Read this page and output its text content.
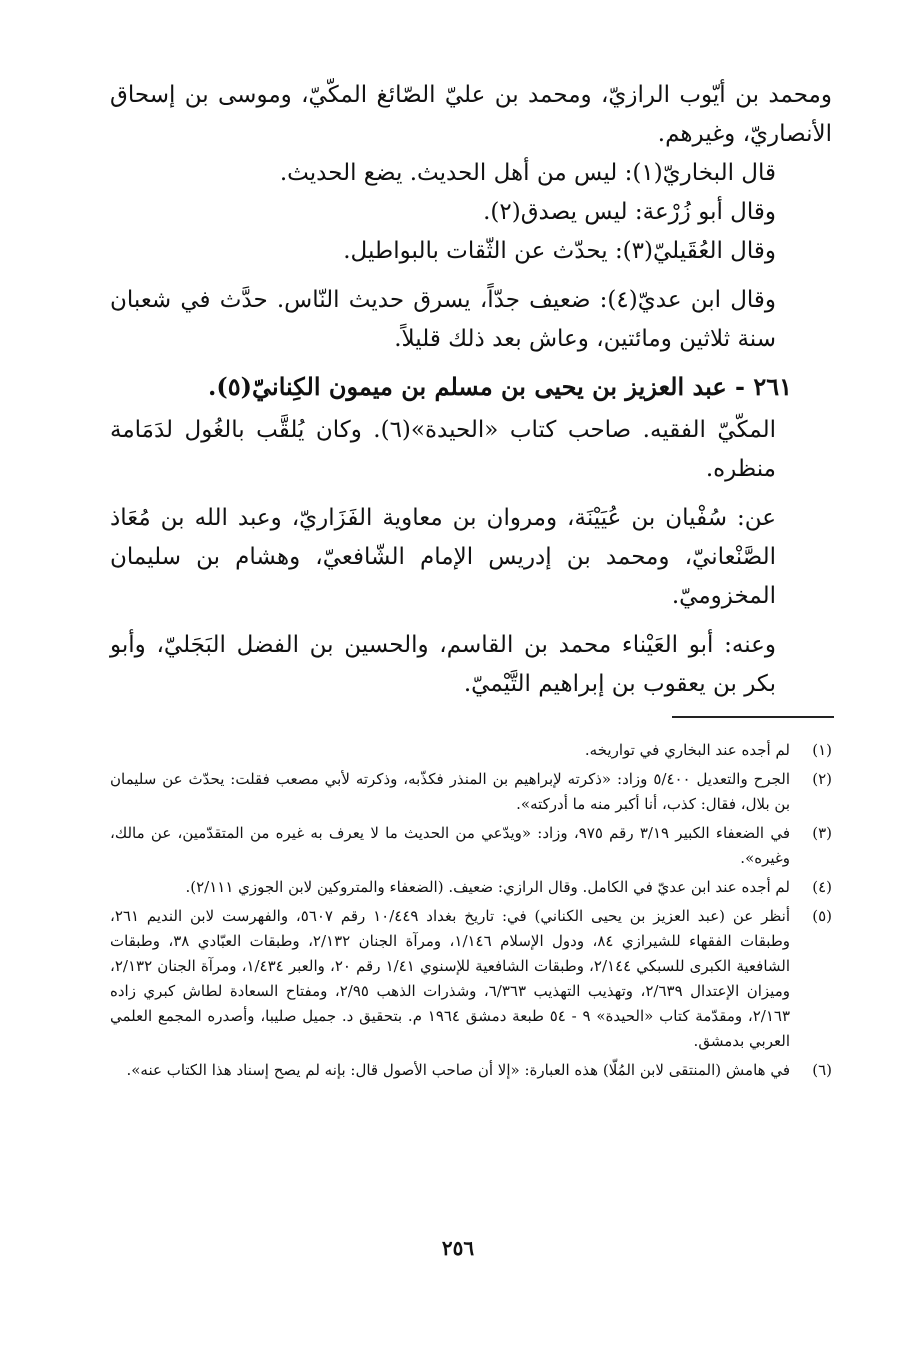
ومحمد بن أيّوب الرازيّ، ومحمد بن عليّ الصّائغ المكّيّ، وموسى بن إسحاق الأنصاريّ، وغيرهم.

قال البخاريّ(١): ليس من أهل الحديث. يضع الحديث.

وقال أبو زُرْعة: ليس يصدق(٢).

وقال العُقَيليّ(٣): يحدّث عن الثّقات بالبواطيل.

وقال ابن عديّ(٤): ضعيف جدّاً، يسرق حديث النّاس. حدَّث في شعبان سنة ثلاثين ومائتين، وعاش بعد ذلك قليلاً.

٢٦١ - عبد العزيز بن يحيى بن مسلم بن ميمون الكِنانيّ(٥).

المكّيّ الفقيه. صاحب كتاب «الحيدة»(٦). وكان يُلقَّب بالغُول لدَمَامة منظره.

عن: سُفْيان بن عُيَيْنَة، ومروان بن معاوية الفَزَاريّ، وعبد الله بن مُعَاذ الصَّنْعانيّ، ومحمد بن إدريس الإمام الشّافعيّ، وهشام بن سليمان المخزوميّ.

وعنه: أبو العَيْناء محمد بن القاسم، والحسين بن الفضل البَجَليّ، وأبو بكر بن يعقوب بن إبراهيم التَّيْميّ.

(١)
لم أجده عند البخاري في تواريخه.
(٢)
الجرح والتعديل ٥/٤٠٠ وزاد: «ذكرته لإبراهيم بن المنذر فكذّبه، وذكرته لأبي مصعب فقلت: يحدّث عن سليمان بن بلال، فقال: كذب، أنا أكبر منه ما أدركته».
(٣)
في الضعفاء الكبير ٣/١٩ رقم ٩٧٥، وزاد: «ويدّعي من الحديث ما لا يعرف به غيره من المتقدّمين، عن مالك، وغيره».
(٤)
لم أجده عند ابن عديّ في الكامل. وقال الرازي: ضعيف. (الضعفاء والمتروكين لابن الجوزي ٢/١١١).
(٥)
أنظر عن (عبد العزيز بن يحيى الكناني) في: تاريخ بغداد ١٠/٤٤٩ رقم ٥٦٠٧، والفهرست لابن النديم ٢٦١، وطبقات الفقهاء للشيرازي ٨٤، ودول الإسلام ١/١٤٦، ومرآة الجنان ٢/١٣٢، وطبقات العبّادي ٣٨، وطبقات الشافعية الكبرى للسبكي ٢/١٤٤، وطبقات الشافعية للإسنوي ١/٤١ رقم ٢٠، والعبر ١/٤٣٤، ومرآة الجنان ٢/١٣٢، وميزان الإعتدال ٢/٦٣٩، وتهذيب التهذيب ٦/٣٦٣، وشذرات الذهب ٢/٩٥، ومفتاح السعادة لطاش كبري زاده ٢/١٦٣، ومقدّمة كتاب «الحيدة» ٩ - ٥٤ طبعة دمشق ١٩٦٤ م. بتحقيق د. جميل صليبا، وأصدره المجمع العلمي العربي بدمشق.
(٦)
في هامش (المنتقى لابن المُلّا) هذه العبارة: «إلا أن صاحب الأصول قال: بإنه لم يصح إسناد هذا الكتاب عنه».
٢٥٦
